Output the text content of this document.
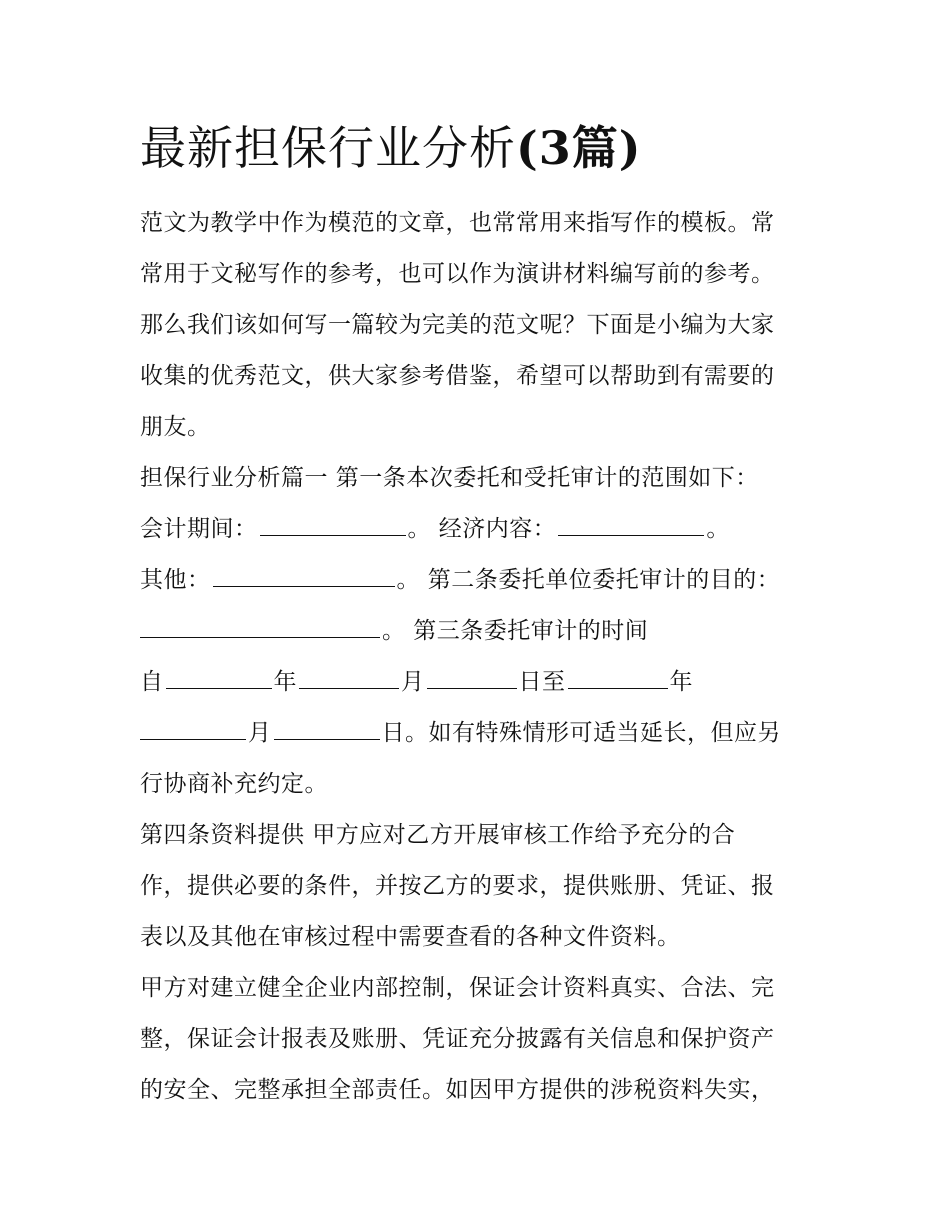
最新担保行业分析(3篇)

范文为教学中作为模范的文章，也常常用来指写作的模板。常

常用于文秘写作的参考，也可以作为演讲材料编写前的参考。

那么我们该如何写一篇较为完美的范文呢？下面是小编为大家

收集的优秀范文，供大家参考借鉴，希望可以帮助到有需要的

朋友。

担保行业分析篇一 第一条本次委托和受托审计的范围如下：

会计期间：	。 经济内容：	。

其他：	。 第二条委托单位委托审计的目的：

。 第三条委托审计的时间

自	年	月	日至	年

月	日。如有特殊情形可适当延长，但应另

行协商补充约定。

第四条资料提供 甲方应对乙方开展审核工作给予充分的合

作，提供必要的条件，并按乙方的要求，提供账册、凭证、报

表以及其他在审核过程中需要查看的各种文件资料。

甲方对建立健全企业内部控制，保证会计资料真实、合法、完

整，保证会计报表及账册、凭证充分披露有关信息和保护资产

的安全、完整承担全部责任。如因甲方提供的涉税资料失实，
